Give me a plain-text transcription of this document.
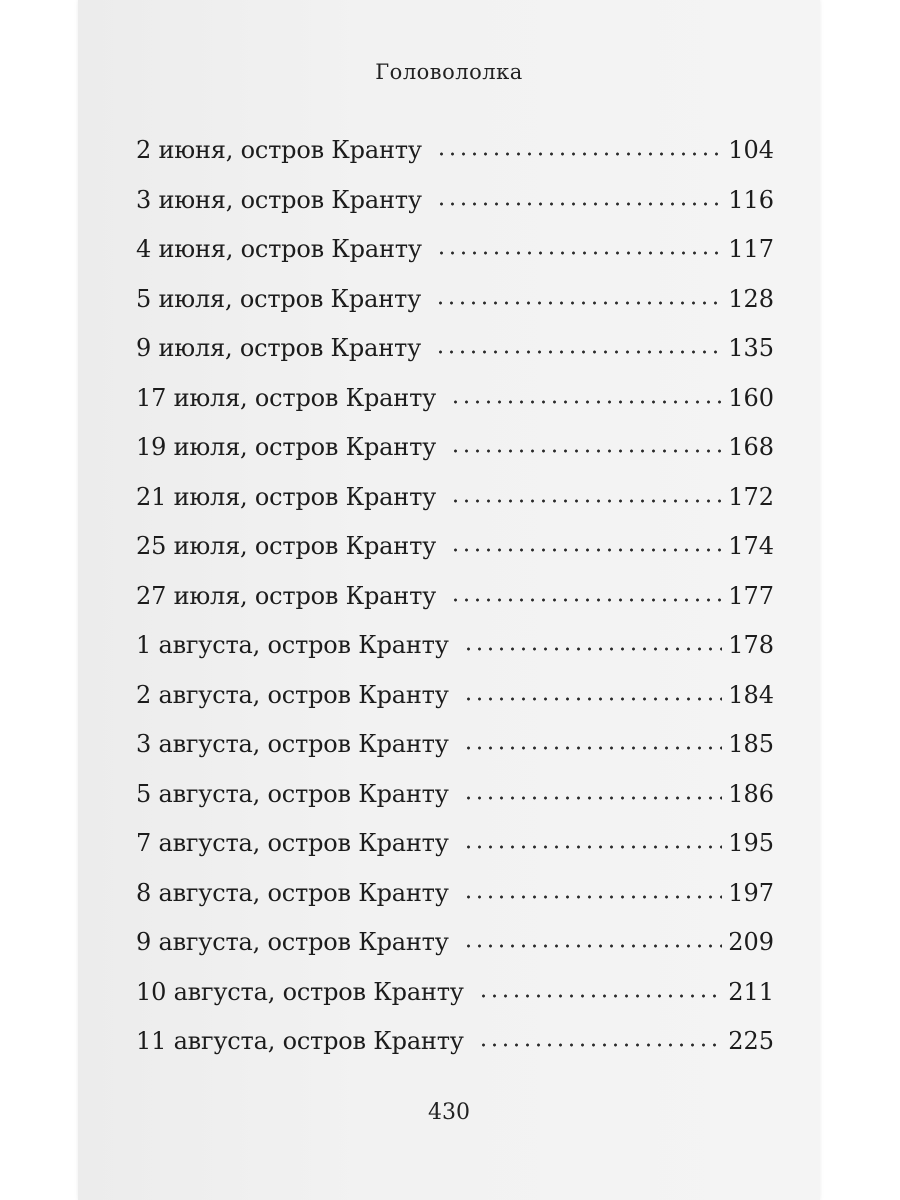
Головололка
2 июня, остров Кранту	104
3 июня, остров Кранту	116
4 июня, остров Кранту	117
5 июля, остров Кранту	128
9 июля, остров Кранту	135
17 июля, остров Кранту	160
19 июля, остров Кранту	168
21 июля, остров Кранту	172
25 июля, остров Кранту	174
27 июля, остров Кранту	177
1 августа, остров Кранту	178
2 августа, остров Кранту	184
3 августа, остров Кранту	185
5 августа, остров Кранту	186
7 августа, остров Кранту	195
8 августа, остров Кранту	197
9 августа, остров Кранту	209
10 августа, остров Кранту	211
11 августа, остров Кранту	225
430
